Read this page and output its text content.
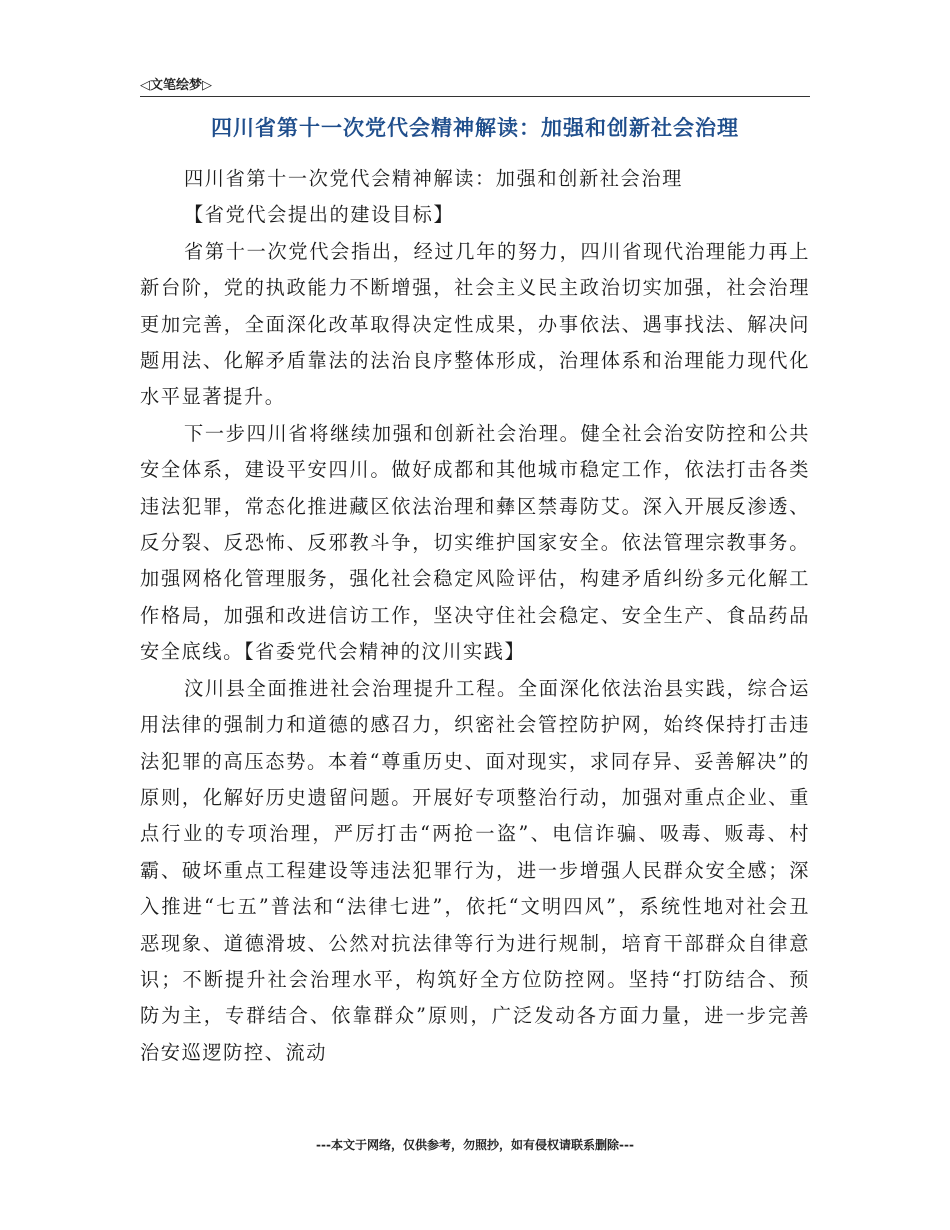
◁文笔绘梦▷
四川省第十一次党代会精神解读：加强和创新社会治理

四川省第十一次党代会精神解读：加强和创新社会治理

【省党代会提出的建设目标】

省第十一次党代会指出，经过几年的努力，四川省现代治理能力再上新台阶，党的执政能力不断增强，社会主义民主政治切实加强，社会治理更加完善，全面深化改革取得决定性成果，办事依法、遇事找法、解决问题用法、化解矛盾靠法的法治良序整体形成，治理体系和治理能力现代化水平显著提升。

下一步四川省将继续加强和创新社会治理。健全社会治安防控和公共安全体系，建设平安四川。做好成都和其他城市稳定工作，依法打击各类违法犯罪，常态化推进藏区依法治理和彝区禁毒防艾。深入开展反渗透、反分裂、反恐怖、反邪教斗争，切实维护国家安全。依法管理宗教事务。加强网格化管理服务，强化社会稳定风险评估，构建矛盾纠纷多元化解工作格局，加强和改进信访工作，坚决守住社会稳定、安全生产、食品药品安全底线。【省委党代会精神的汶川实践】

汶川县全面推进社会治理提升工程。全面深化依法治县实践，综合运用法律的强制力和道德的感召力，织密社会管控防护网，始终保持打击违法犯罪的高压态势。本着“尊重历史、面对现实，求同存异、妥善解决”的原则，化解好历史遗留问题。开展好专项整治行动，加强对重点企业、重点行业的专项治理，严厉打击“两抢一盗”、电信诈骗、吸毒、贩毒、村霸、破坏重点工程建设等违法犯罪行为，进一步增强人民群众安全感；深入推进“七五”普法和“法律七进”，依托“文明四风”，系统性地对社会丑恶现象、道德滑坡、公然对抗法律等行为进行规制，培育干部群众自律意识；不断提升社会治理水平，构筑好全方位防控网。坚持“打防结合、预防为主，专群结合、依靠群众”原则，广泛发动各方面力量，进一步完善治安巡逻防控、流动

---本文于网络，仅供参考，勿照抄，如有侵权请联系删除---
